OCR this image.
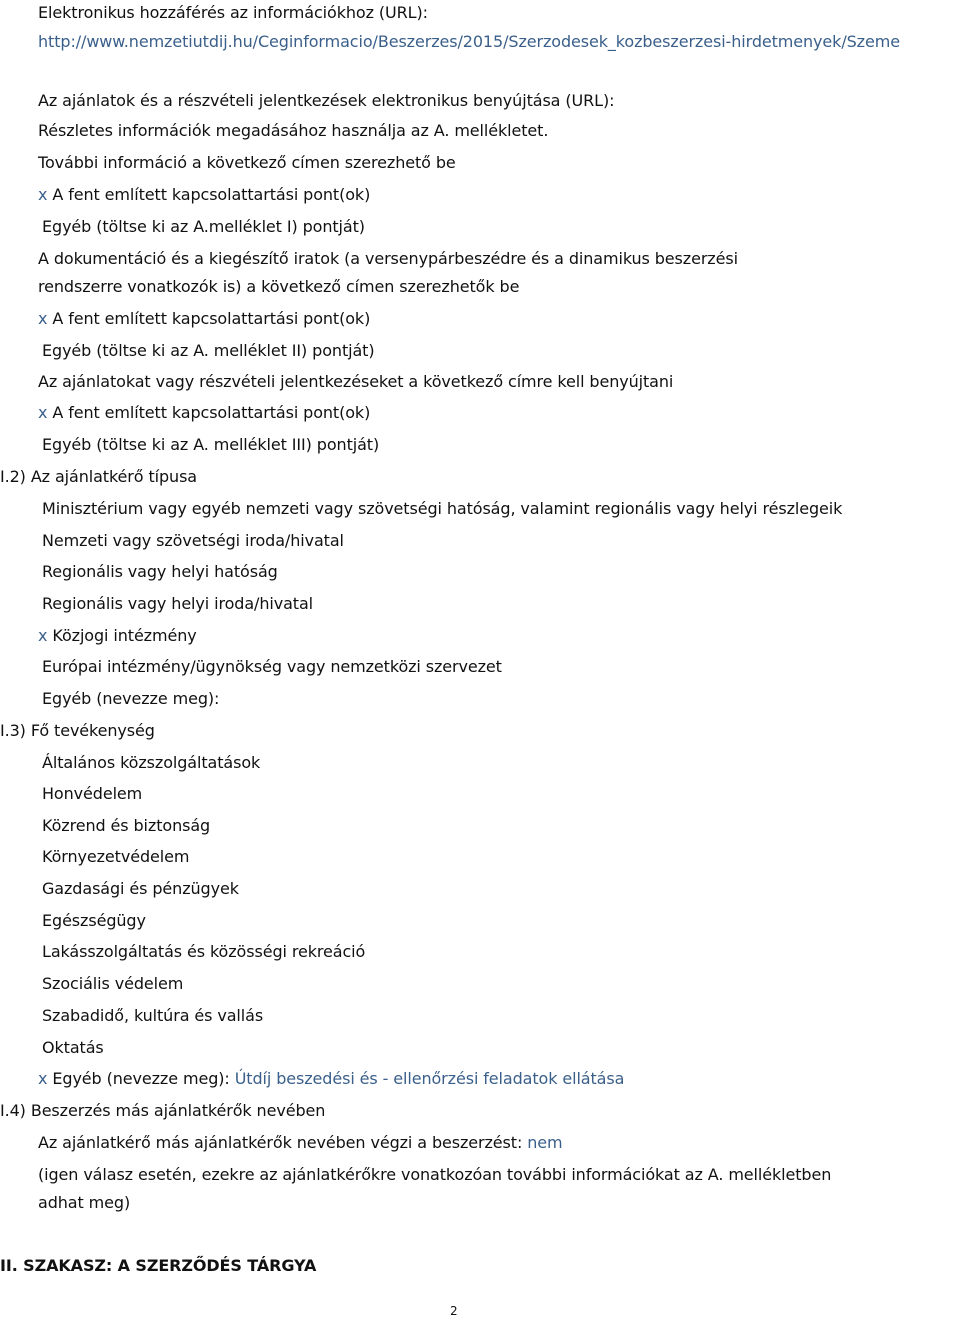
Elektronikus hozzáférés az információkhoz (URL):
http://www.nemzetiutdij.hu/Ceginformacio/Beszerzes/2015/Szerzodesek_kozbeszerzesi-hirdetmenyek/Szeme
Az ajánlatok és a részvételi jelentkezések elektronikus benyújtása (URL):
Részletes információk megadásához használja az A. mellékletet.
További információ a következő címen szerezhető be
x A fent említett kapcsolattartási pont(ok)
Egyéb (töltse ki az A.melléklet I) pontját)
A dokumentáció és a kiegészítő iratok (a versenypárbeszédre és a dinamikus beszerzési
rendszerre vonatkozók is) a következő címen szerezhetők be
x A fent említett kapcsolattartási pont(ok)
Egyéb (töltse ki az A. melléklet II) pontját)
Az ajánlatokat vagy részvételi jelentkezéseket a következő címre kell benyújtani
x A fent említett kapcsolattartási pont(ok)
Egyéb (töltse ki az A. melléklet III) pontját)
I.2) Az ajánlatkérő típusa
Minisztérium vagy egyéb nemzeti vagy szövetségi hatóság, valamint regionális vagy helyi részlegeik
Nemzeti vagy szövetségi iroda/hivatal
Regionális vagy helyi hatóság
Regionális vagy helyi iroda/hivatal
x Közjogi intézmény
Európai intézmény/ügynökség vagy nemzetközi szervezet
Egyéb (nevezze meg):
I.3) Fő tevékenység
Általános közszolgáltatások
Honvédelem
Közrend és biztonság
Környezetvédelem
Gazdasági és pénzügyek
Egészségügy
Lakásszolgáltatás és közösségi rekreáció
Szociális védelem
Szabadidő, kultúra és vallás
Oktatás
x Egyéb (nevezze meg): Útdíj beszedési és - ellenőrzési feladatok ellátása
I.4) Beszerzés más ajánlatkérők nevében
Az ajánlatkérő más ajánlatkérők nevében végzi a beszerzést: nem
(igen válasz esetén, ezekre az ajánlatkérőkre vonatkozóan további információkat az A. mellékletben
adhat meg)
II. SZAKASZ: A SZERZŐDÉS TÁRGYA
2
